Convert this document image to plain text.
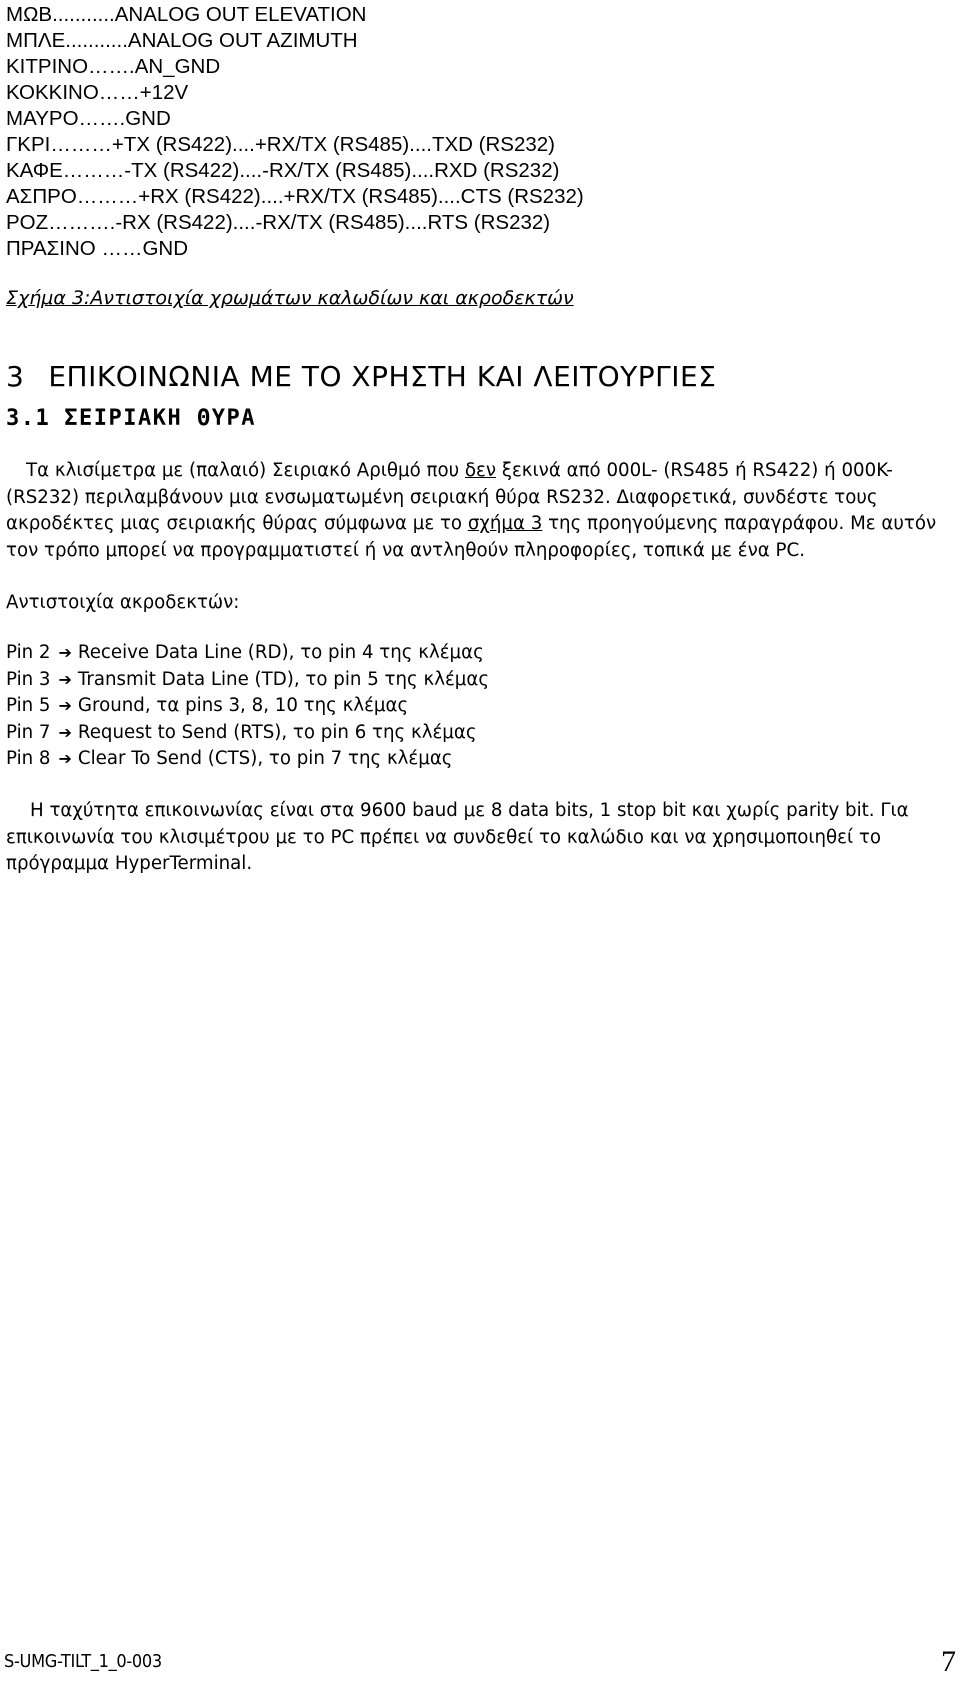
ΜΩΒ...........ANALOG OUT ELEVATION
ΜΠΛΕ...........ANALOG OUT AZIMUTH
ΚΙΤΡΙΝΟ…….AN_GND
ΚΟΚΚΙΝΟ……+12V
ΜΑΥΡΟ…….GND
ΓΚΡΙ………+TX (RS422)....+RX/TX (RS485)....TXD (RS232)
ΚΑΦΕ………-TX (RS422)....-RX/TX (RS485)....RXD (RS232)
ΑΣΠΡΟ………+RX (RS422)....+RX/TX (RS485)....CTS (RS232)
ΡΟΖ……….-RX (RS422)....-RX/TX (RS485)....RTS (RS232)
ΠΡΑΣΙΝΟ ……GND
Σχήμα 3:Αντιστοιχία χρωμάτων καλωδίων και ακροδεκτών
3 ΕΠΙΚΟΙΝΩΝΙΑ ΜΕ ΤΟ ΧΡΗΣΤΗ ΚΑΙ ΛΕΙΤΟΥΡΓΙΕΣ
3.1 ΣΕΙΡΙΑΚΗ ΘΥΡΑ

Τα κλισίμετρα με (παλαιό) Σειριακό Αριθμό που δεν ξεκινά από 000L- (RS485 ή RS422) ή 000K- (RS232) περιλαμβάνουν μια ενσωματωμένη σειριακή θύρα RS232. Διαφορετικά, συνδέστε τους ακροδέκτες μιας σειριακής θύρας σύμφωνα με το σχήμα 3 της προηγούμενης παραγράφου. Με αυτόν τον τρόπο μπορεί να προγραμματιστεί ή να αντληθούν πληροφορίες, τοπικά με ένα PC.

Αντιστοιχία ακροδεκτών:
Pin 2 ➔ Receive Data Line (RD), το pin 4 της κλέμας
Pin 3 ➔ Transmit Data Line (TD), το pin 5 της κλέμας
Pin 5 ➔ Ground, τα pins 3, 8, 10 της κλέμας
Pin 7 ➔ Request to Send (RTS), το pin 6 της κλέμας
Pin 8 ➔ Clear To Send (CTS), το pin 7 της κλέμας

Η ταχύτητα επικοινωνίας είναι στα 9600 baud με 8 data bits, 1 stop bit και χωρίς parity bit. Για επικοινωνία του κλισιμέτρου με το PC πρέπει να συνδεθεί το καλώδιο και να χρησιμοποιηθεί το πρόγραμμα HyperTerminal.

S-UMG-TILT_1_0-003	7
